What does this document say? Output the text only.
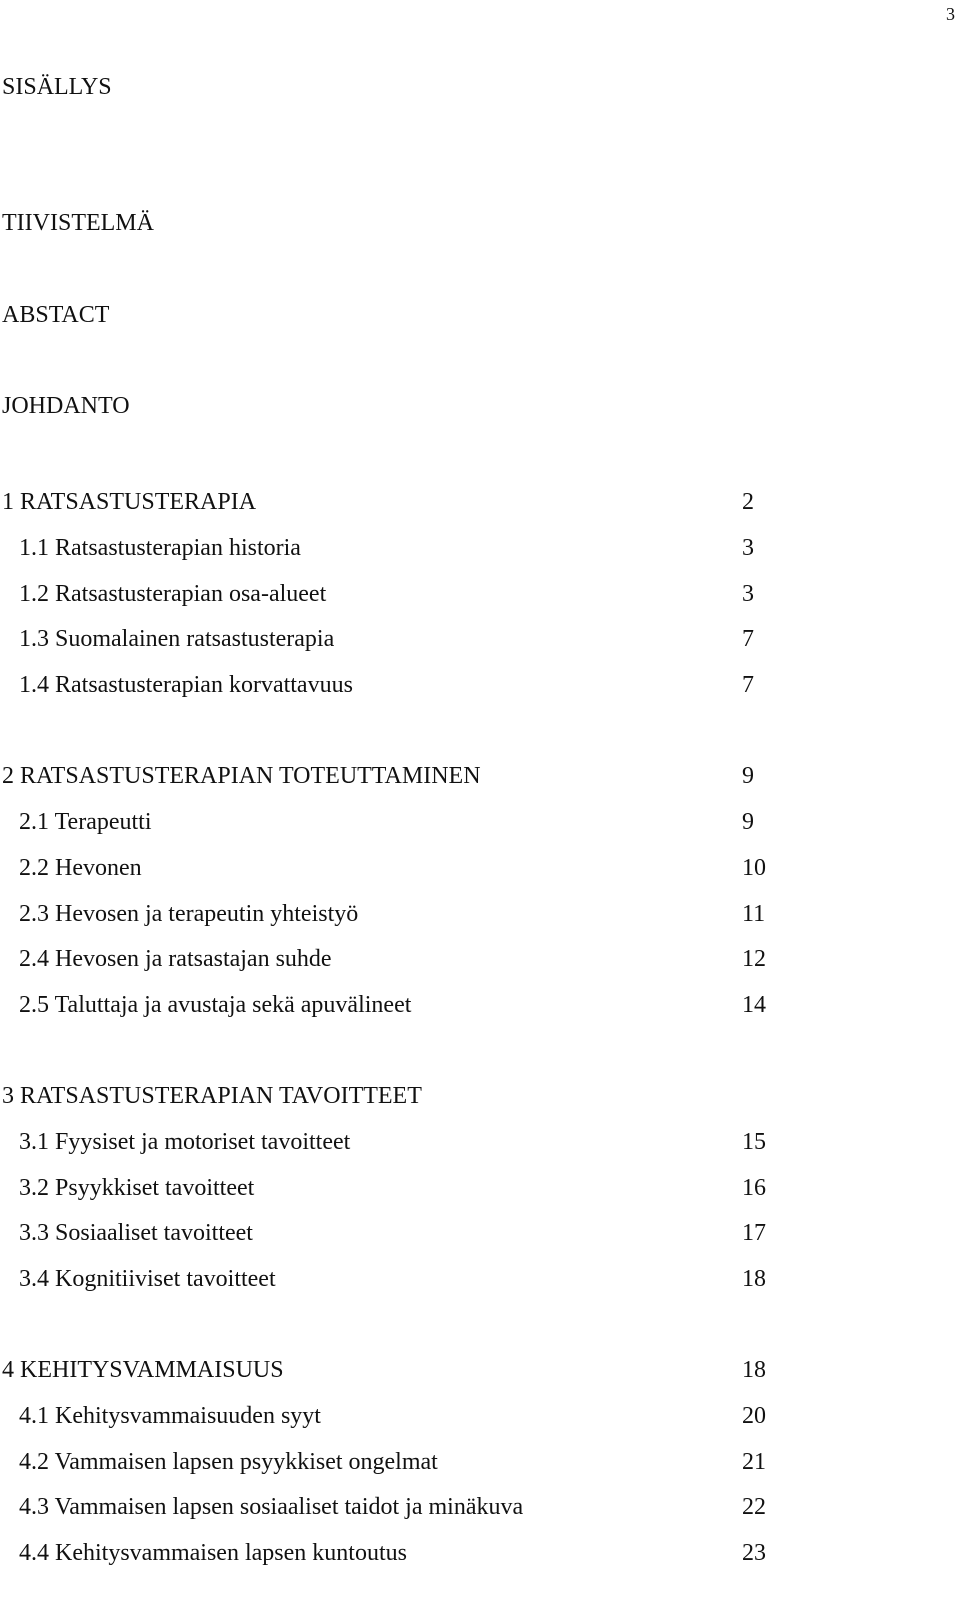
3
SISÄLLYS
TIIVISTELMÄ
ABSTACT
JOHDANTO
1 RATSASTUSTERAPIA	2
1.1 Ratsastusterapian historia	3
1.2 Ratsastusterapian osa-alueet	3
1.3 Suomalainen ratsastusterapia	7
1.4 Ratsastusterapian korvattavuus	7
2 RATSASTUSTERAPIAN TOTEUTTAMINEN	9
2.1 Terapeutti	9
2.2 Hevonen	10
2.3 Hevosen ja terapeutin yhteistyö	11
2.4 Hevosen ja ratsastajan suhde	12
2.5 Taluttaja ja avustaja sekä apuvälineet	14
3 RATSASTUSTERAPIAN TAVOITTEET
3.1 Fyysiset ja motoriset tavoitteet	15
3.2 Psyykkiset tavoitteet	16
3.3 Sosiaaliset tavoitteet	17
3.4 Kognitiiviset tavoitteet	18
4 KEHITYSVAMMAISUUS	18
4.1 Kehitysvammaisuuden syyt	20
4.2 Vammaisen lapsen psyykkiset ongelmat	21
4.3 Vammaisen lapsen sosiaaliset taidot ja minäkuva	22
4.4 Kehitysvammaisen lapsen kuntoutus	23
